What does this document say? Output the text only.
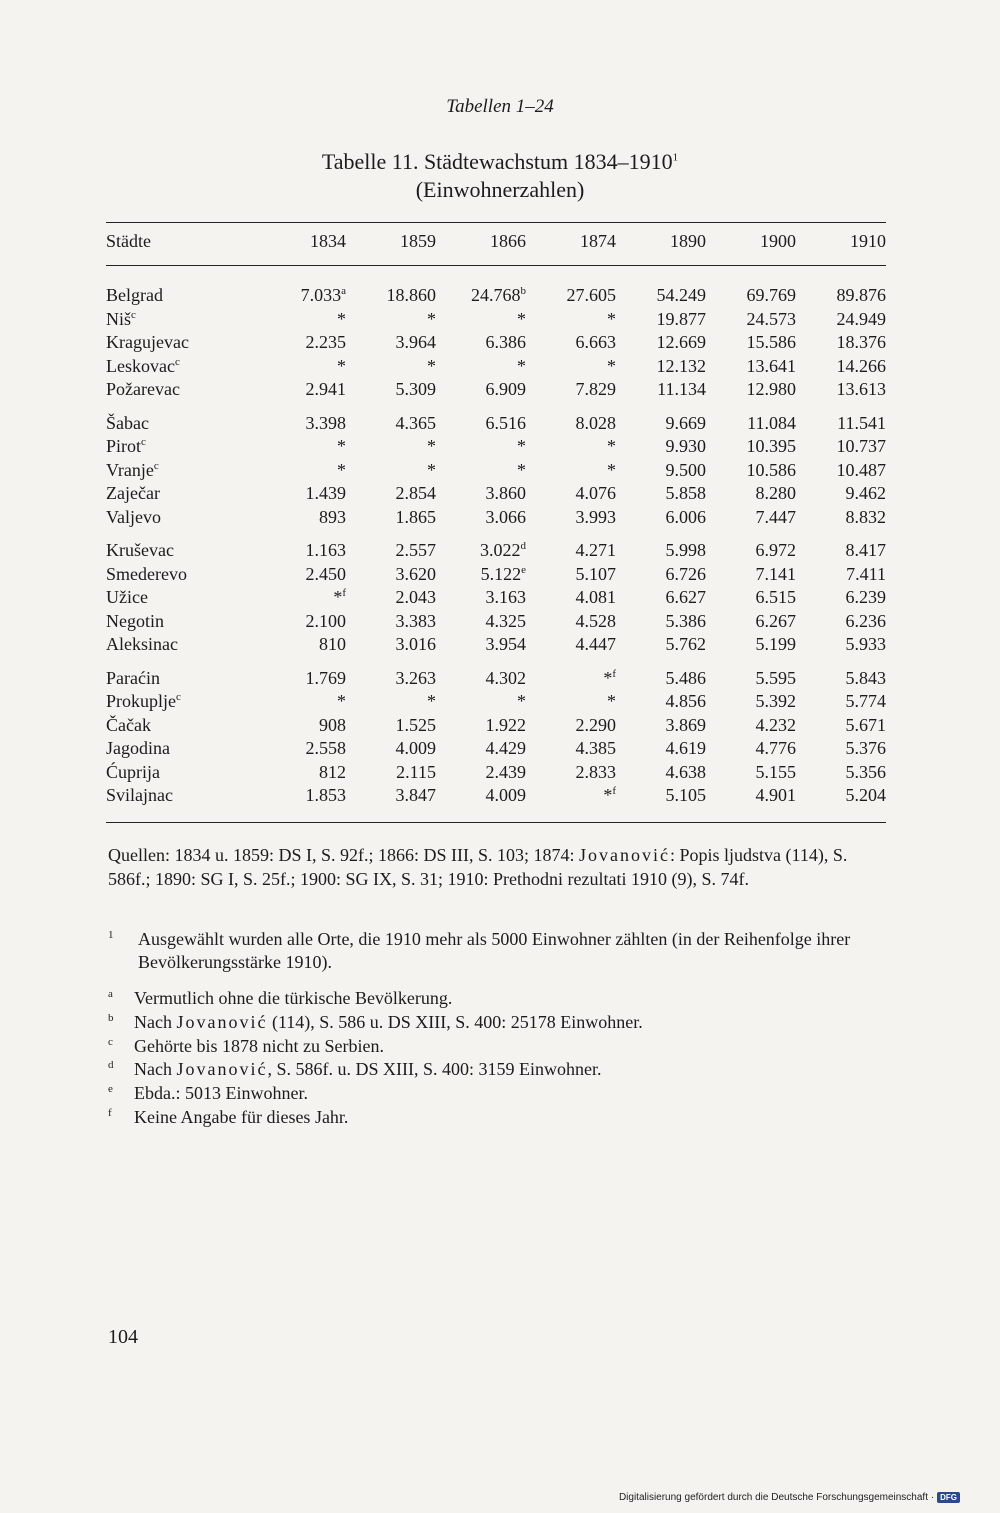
Tabellen 1–24
Tabelle 11. Städtewachstum 1834–1910$^1$
(Einwohnerzahlen)
Städte	1834	1859	1866	1874	1890	1900	1910
Belgrad	7.033$^a$	18.860	24.768$^b$	27.605	54.249	69.769	89.876
Niš$^c$	*	*	*	*	19.877	24.573	24.949
Kragujevac	2.235	3.964	6.386	6.663	12.669	15.586	18.376
Leskovac$^c$	*	*	*	*	12.132	13.641	14.266
Požarevac	2.941	5.309	6.909	7.829	11.134	12.980	13.613
Šabac	3.398	4.365	6.516	8.028	9.669	11.084	11.541
Pirot$^c$	*	*	*	*	9.930	10.395	10.737
Vranje$^c$	*	*	*	*	9.500	10.586	10.487
Zaječar	1.439	2.854	3.860	4.076	5.858	8.280	9.462
Valjevo	893	1.865	3.066	3.993	6.006	7.447	8.832
Kruševac	1.163	2.557	3.022$^d$	4.271	5.998	6.972	8.417
Smederevo	2.450	3.620	5.122e	5.107	6.726	7.141	7.411
Užice	*$^f$	2.043	3.163	4.081	6.627	6.515	6.239
Negotin	2.100	3.383	4.325	4.528	5.386	6.267	6.236
Aleksinac	810	3.016	3.954	4.447	5.762	5.199	5.933
Paraćin	1.769	3.263	4.302	*$^f$	5.486	5.595	5.843
Prokuplje$^c$	*	*	*	*	4.856	5.392	5.774
Čačak	908	1.525	1.922	2.290	3.869	4.232	5.671
Jagodina	2.558	4.009	4.429	4.385	4.619	4.776	5.376
Ćuprija	812	2.115	2.439	2.833	4.638	5.155	5.356
Svilajnac	1.853	3.847	4.009	*$^f$	5.105	4.901	5.204
Quellen: 1834 u. 1859: DS I, S. 92f.; 1866: DS III, S. 103; 1874: Jovanović: Popis ljudstva (114), S. 586f.; 1890: SG I, S. 25f.; 1900: SG IX, S. 31; 1910: Prethodni rezultati 1910 (9), S. 74f.
1	Ausgewählt wurden alle Orte, die 1910 mehr als 5000 Einwohner zählten (in der Reihenfolge ihrer Bevölkerungsstärke 1910).
a	Vermutlich ohne die türkische Bevölkerung.
b	Nach Jovanović (114), S. 586 u. DS XIII, S. 400: 25178 Einwohner.
c	Gehörte bis 1878 nicht zu Serbien.
d	Nach Jovanović, S. 586f. u. DS XIII, S. 400: 3159 Einwohner.
e	Ebda.: 5013 Einwohner.
f	Keine Angabe für dieses Jahr.
104
Digitalisierung gefördert durch die Deutsche Forschungsgemeinschaft · DFG
